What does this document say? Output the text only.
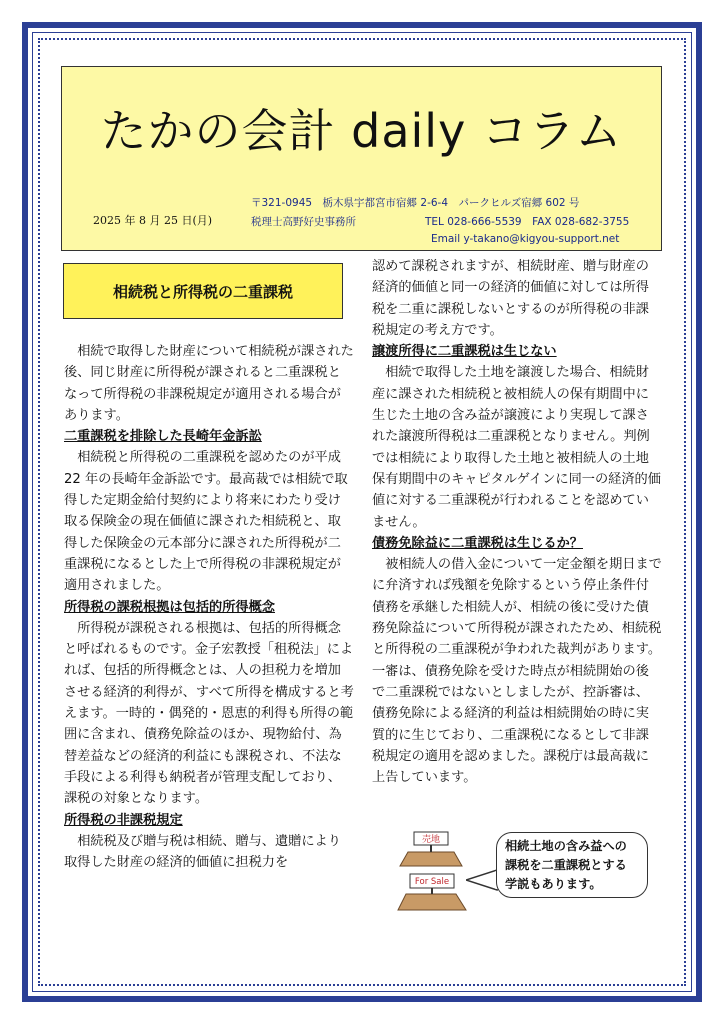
たかの会計 daily コラム
2025 年 8 月 25 日(月)
〒321-0945　栃木県宇都宮市宿郷 2-6-4　パークヒルズ宿郷 602 号
税理士高野好史事務所	TEL 028-666-5539　FAX 028-682-3755
Email y-takano@kigyou-support.net
相続税と所得税の二重課税

相続で取得した財産について相続税が課された後、同じ財産に所得税が課されると二重課税となって所得税の非課税規定が適用される場合があります。

二重課税を排除した長崎年金訴訟

相続税と所得税の二重課税を認めたのが平成 22 年の長崎年金訴訟です。最高裁では相続で取得した定期金給付契約により将来にわたり受け取る保険金の現在価値に課された相続税と、取得した保険金の元本部分に課された所得税が二重課税になるとした上で所得税の非課税規定が適用されました。

所得税の課税根拠は包括的所得概念

所得税が課税される根拠は、包括的所得概念と呼ばれるものです。金子宏教授「租税法」によれば、包括的所得概念とは、人の担税力を増加させる経済的利得が、すべて所得を構成すると考えます。一時的・偶発的・恩恵的利得も所得の範囲に含まれ、債務免除益のほか、現物給付、為替差益などの経済的利益にも課税され、不法な手段による利得も納税者が管理支配しており、課税の対象となります。

所得税の非課税規定

相続税及び贈与税は相続、贈与、遺贈により取得した財産の経済的価値に担税力を

認めて課税されますが、相続財産、贈与財産の経済的価値と同一の経済的価値に対しては所得税を二重に課税しないとするのが所得税の非課税規定の考え方です。

譲渡所得に二重課税は生じない

相続で取得した土地を譲渡した場合、相続財産に課された相続税と被相続人の保有期間中に生じた土地の含み益が譲渡により実現して課された譲渡所得税は二重課税となりません。判例では相続により取得した土地と被相続人の土地保有期間中のキャピタルゲインに同一の経済的価値に対する二重課税が行われることを認めていません。

債務免除益に二重課税は生じるか？

被相続人の借入金について一定金額を期日までに弁済すれば残額を免除するという停止条件付債務を承継した相続人が、相続の後に受けた債務免除益について所得税が課されたため、相続税と所得税の二重課税が争われた裁判があります。一審は、債務免除を受けた時点が相続開始の後で二重課税ではないとしましたが、控訴審は、債務免除による経済的利益は相続開始の時に実質的に生じており、二重課税になるとして非課税規定の適用を認めました。課税庁は最高裁に上告しています。

売地
For Sale
相続土地の含み益への課税を二重課税とする学説もあります。
